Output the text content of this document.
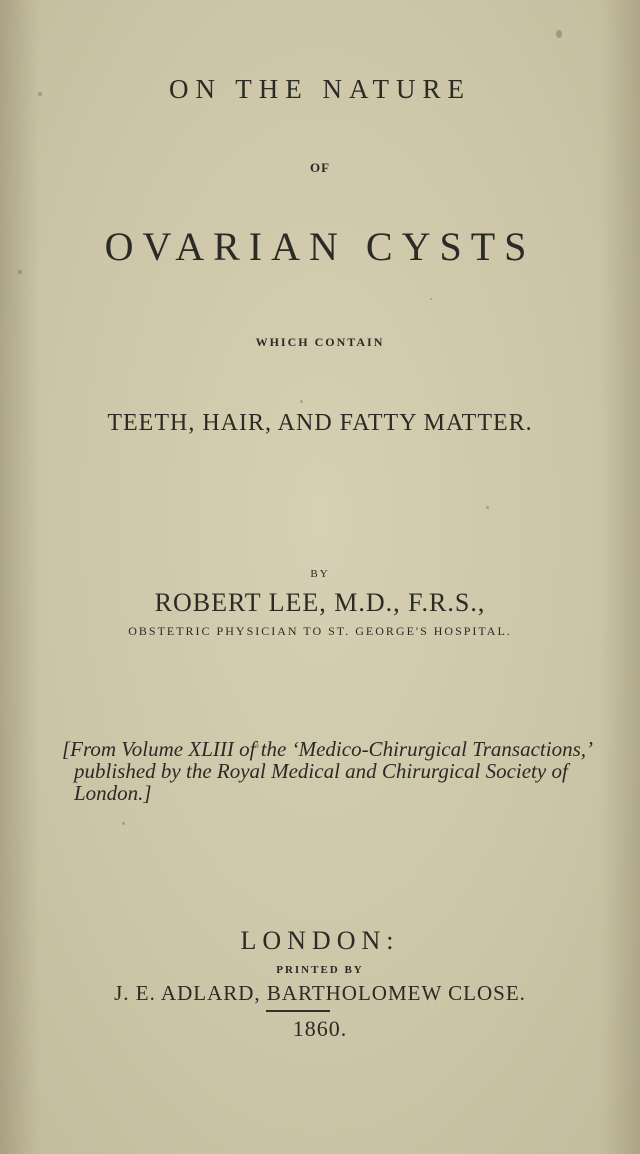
ON THE NATURE
OF
OVARIAN CYSTS
WHICH CONTAIN
TEETH, HAIR, AND FATTY MATTER.
BY
ROBERT LEE, M.D., F.R.S.,
OBSTETRIC PHYSICIAN TO ST. GEORGE'S HOSPITAL.
[From Volume XLIII of the ‘Medico-Chirurgical Transactions,’
published by the Royal Medical and Chirurgical Society of
London.]
LONDON:
PRINTED BY
J. E. ADLARD, BARTHOLOMEW CLOSE.
1860.
